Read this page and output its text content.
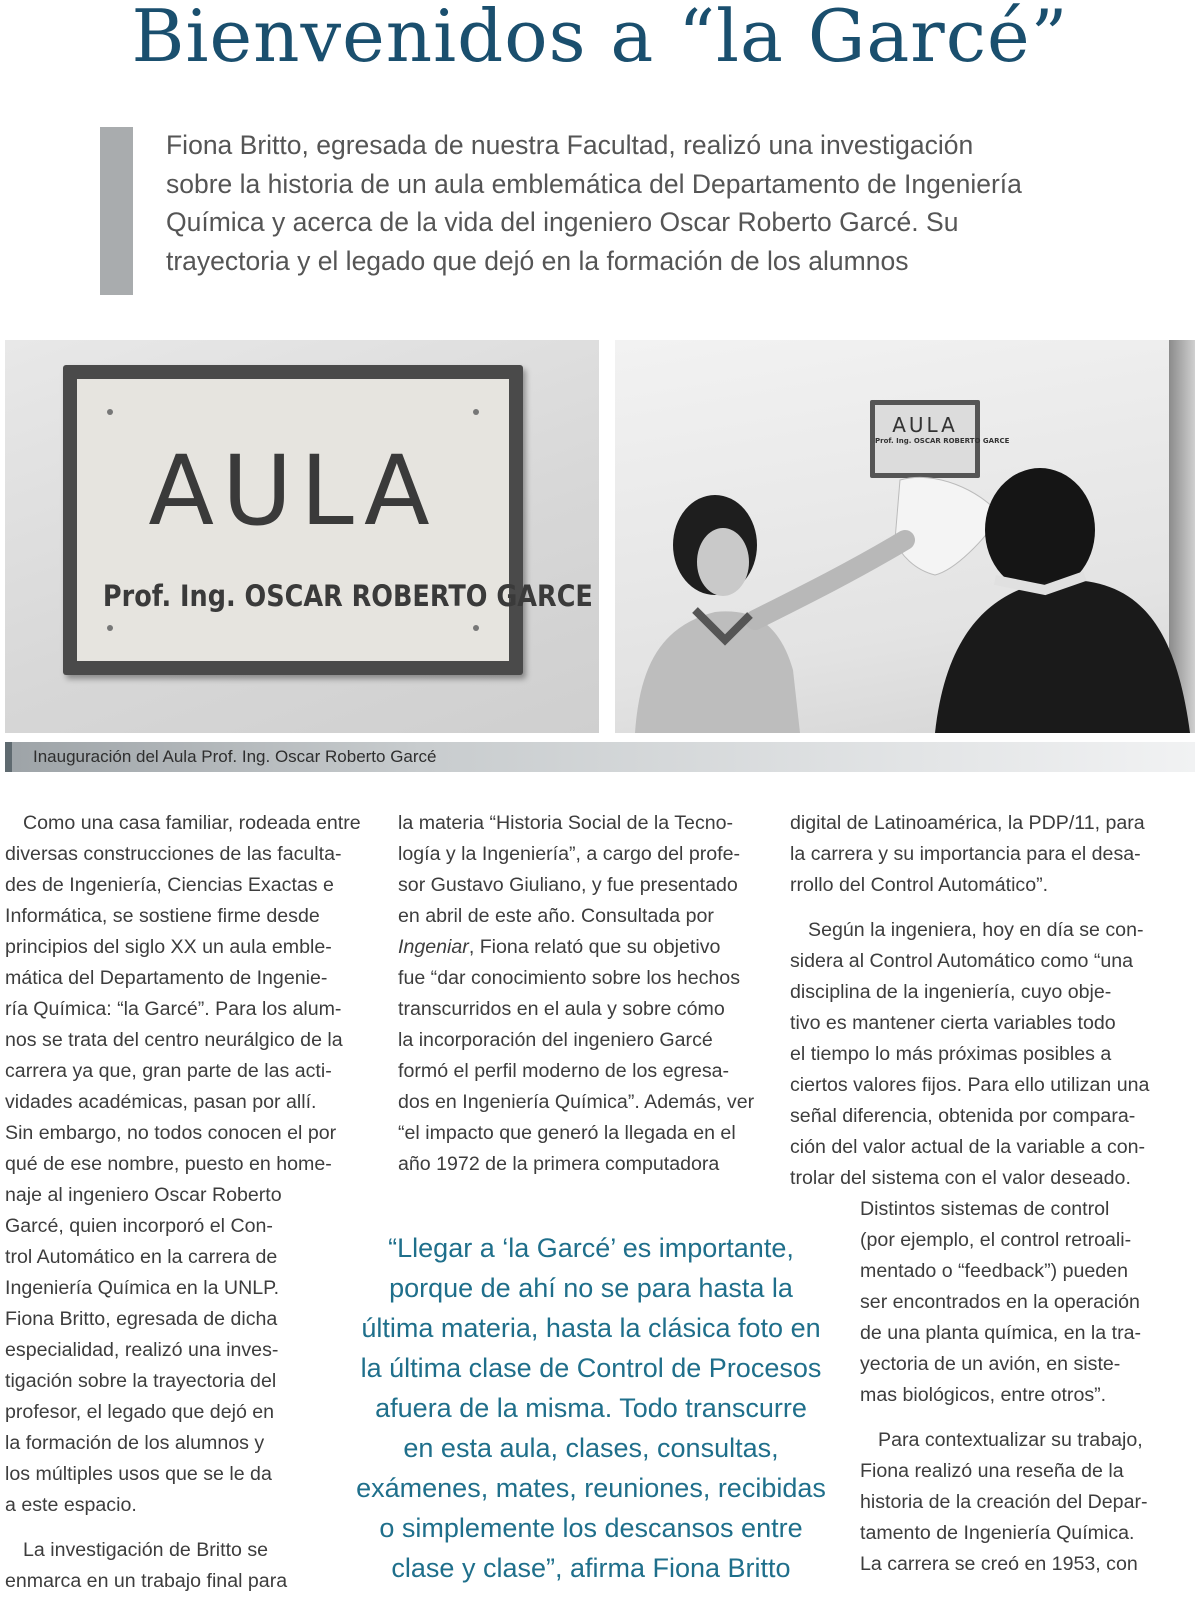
Bienvenidos a “la Garcé”
Fiona Britto, egresada de nuestra Facultad, realizó una investigación
sobre la historia de un aula emblemática del Departamento de Ingeniería
Química y acerca de la vida del ingeniero Oscar Roberto Garcé. Su
trayectoria y el legado que dejó en la formación de los alumnos
AULA
Prof. Ing. OSCAR ROBERTO GARCE
AULA
Prof. Ing. OSCAR ROBERTO GARCE
Inauguración del Aula Prof. Ing. Oscar Roberto Garcé

Como una casa familiar, rodeada entre
diversas construcciones de las faculta-
des de Ingeniería, Ciencias Exactas e
Informática, se sostiene firme desde
principios del siglo XX un aula emble-
mática del Departamento de Ingenie-
ría Química: “la Garcé”. Para los alum-
nos se trata del centro neurálgico de la
carrera ya que, gran parte de las acti-
vidades académicas, pasan por allí.
Sin embargo, no todos conocen el por
qué de ese nombre, puesto en home-
naje al ingeniero Oscar Roberto
Garcé, quien incorporó el Con-
trol Automático en la carrera de
Ingeniería Química en la UNLP.
Fiona Britto, egresada de dicha
especialidad, realizó una inves-
tigación sobre la trayectoria del
profesor, el legado que dejó en
la formación de los alumnos y
los múltiples usos que se le da
a este espacio.

La investigación de Britto se
enmarca en un trabajo final para

la materia “Historia Social de la Tecno-
logía y la Ingeniería”, a cargo del profe-
sor Gustavo Giuliano, y fue presentado
en abril de este año. Consultada por
Ingeniar, Fiona relató que su objetivo
fue “dar conocimiento sobre los hechos
transcurridos en el aula y sobre cómo
la incorporación del ingeniero Garcé
formó el perfil moderno de los egresa-
dos en Ingeniería Química”. Además, ver
“el impacto que generó la llegada en el
año 1972 de la primera computadora

digital de Latinoamérica, la PDP/11, para
la carrera y su importancia para el desa-
rrollo del Control Automático”.

Según la ingeniera, hoy en día se con-
sidera al Control Automático como “una
disciplina de la ingeniería, cuyo obje-
tivo es mantener cierta variables todo
el tiempo lo más próximas posibles a
ciertos valores fijos. Para ello utilizan una
señal diferencia, obtenida por compara-
ción del valor actual de la variable a con-
trolar del sistema con el valor deseado.

Distintos sistemas de control
(por ejemplo, el control retroali-
mentado o “feedback”) pueden
ser encontrados en la operación
de una planta química, en la tra-
yectoria de un avión, en siste-
mas biológicos, entre otros”.

Para contextualizar su trabajo,
Fiona realizó una reseña de la
historia de la creación del Depar-
tamento de Ingeniería Química.
La carrera se creó en 1953, con

“Llegar a ‘la Garcé’ es importante,
porque de ahí no se para hasta la
última materia, hasta la clásica foto en
la última clase de Control de Procesos
afuera de la misma. Todo transcurre
en esta aula, clases, consultas,
exámenes, mates, reuniones, recibidas
o simplemente los descansos entre
clase y clase”, afirma Fiona Britto
